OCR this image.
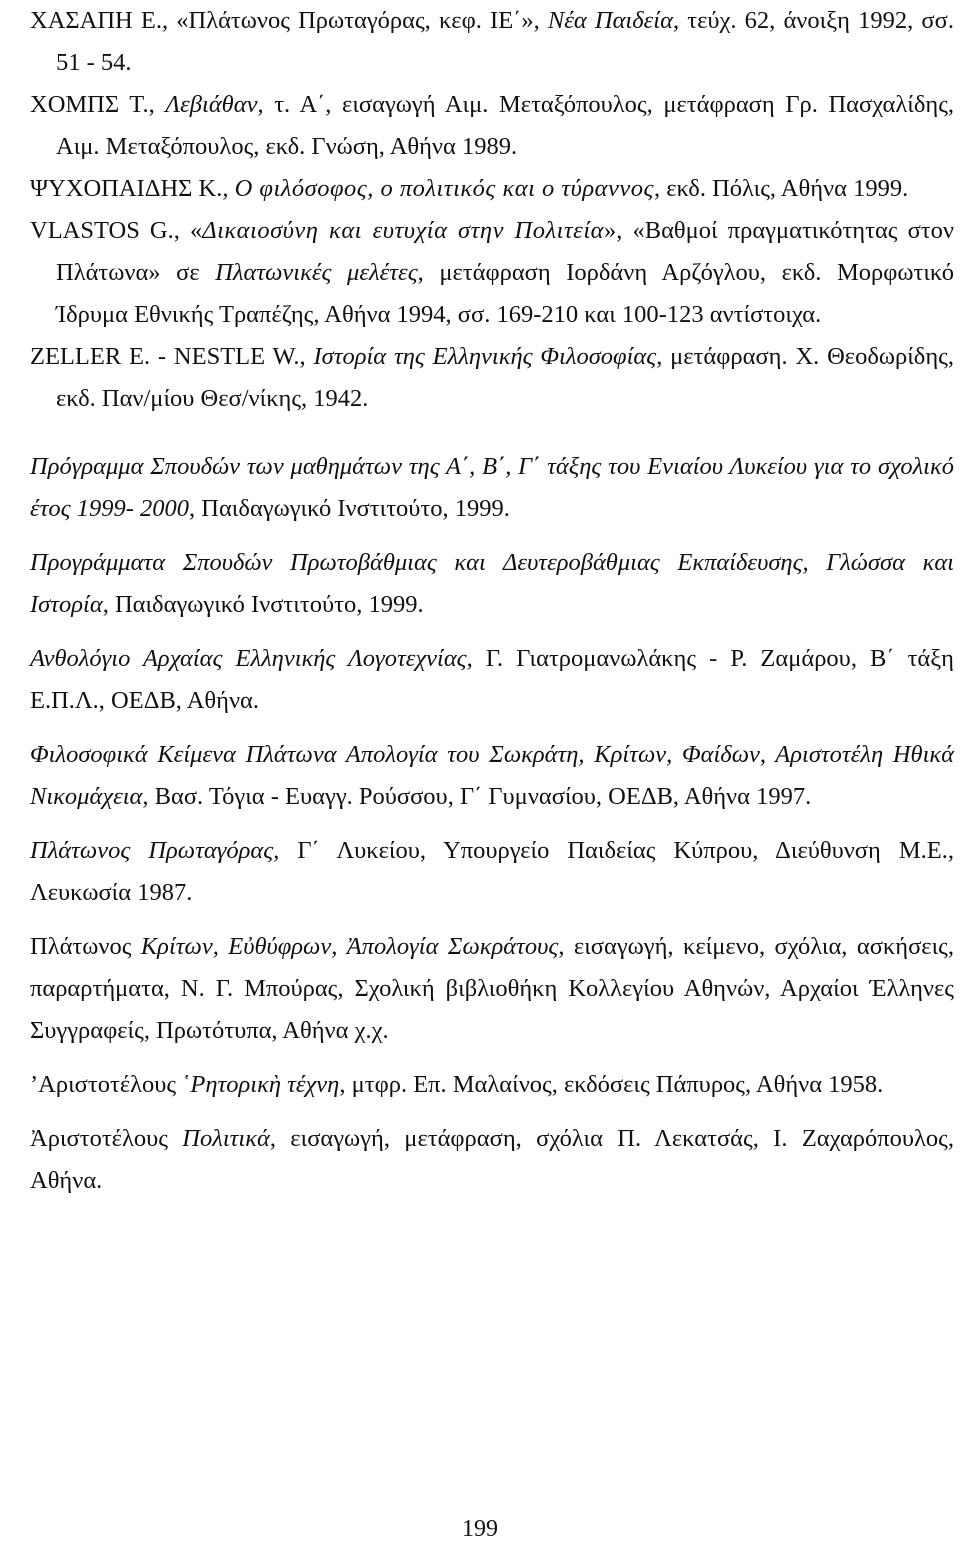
ΧΑΣΑΠΗ Ε., «Πλάτωνος Πρωταγόρας, κεφ. ΙΕ΄», Νέα Παιδεία, τεύχ. 62, άνοιξη 1992, σσ. 51 - 54.

ΧΟΜΠΣ Τ., Λεβιάθαν, τ. Α΄, εισαγωγή Αιμ. Μεταξόπουλος, μετάφραση Γρ. Πασχαλίδης, Αιμ. Μεταξόπουλος, εκδ. Γνώση, Αθήνα 1989.

ΨΥΧΟΠΑΙΔΗΣ Κ., Ο φιλόσοφος, ο πολιτικός και ο τύραννος, εκδ. Πόλις, Αθήνα 1999.

VLASTOS G., «Δικαιοσύνη και ευτυχία στην Πολιτεία», «Βαθμοί πραγματικότητας στον Πλάτωνα» σε Πλατωνικές μελέτες, μετάφραση Ιορδάνη Αρζόγλου, εκδ. Μορφωτικό Ίδρυμα Εθνικής Τραπέζης, Αθήνα 1994, σσ. 169-210 και 100-123 αντίστοιχα.

ZELLER E. - NESTLE W., Ιστορία της Ελληνικής Φιλοσοφίας, μετάφραση. Χ. Θεοδωρίδης, εκδ. Παν/μίου Θεσ/νίκης, 1942.

Πρόγραμμα Σπουδών των μαθημάτων της Α΄, Β΄, Γ΄ τάξης του Ενιαίου Λυκείου για το σχολικό έτος 1999- 2000, Παιδαγωγικό Ινστιτούτο, 1999.

Προγράμματα Σπουδών Πρωτοβάθμιας και Δευτεροβάθμιας Εκπαίδευσης, Γλώσσα και Ιστορία, Παιδαγωγικό Ινστιτούτο, 1999.

Ανθολόγιο Αρχαίας Ελληνικής Λογοτεχνίας, Γ. Γιατρομανωλάκης - Ρ. Ζαμάρου, Β΄ τάξη Ε.Π.Λ., ΟΕΔΒ, Αθήνα.

Φιλοσοφικά Κείμενα Πλάτωνα Απολογία του Σωκράτη, Κρίτων, Φαίδων, Αριστοτέλη Ηθικά Νικομάχεια, Βασ. Τόγια - Ευαγγ. Ρούσσου, Γ΄ Γυμνασίου, ΟΕΔΒ, Αθήνα 1997.

Πλάτωνος Πρωταγόρας, Γ΄ Λυκείου, Υπουργείο Παιδείας Κύπρου, Διεύθυνση Μ.Ε., Λευκωσία 1987.

Πλάτωνος Κρίτων, Εὐθύφρων, Ἀπολογία Σωκράτους, εισαγωγή, κείμενο, σχόλια, ασκήσεις, παραρτήματα, Ν. Γ. Μπούρας, Σχολική βιβλιοθήκη Κολλεγίου Αθηνών, Αρχαίοι Έλληνες Συγγραφείς, Πρωτότυπα, Αθήνα χ.χ.

’Αριστοτέλους ῾Ρητορικὴ τέχνη, μτφρ. Επ. Μαλαίνος, εκδόσεις Πάπυρος, Αθήνα 1958.

Ἀριστοτέλους Πολιτικά, εισαγωγή, μετάφραση, σχόλια Π. Λεκατσάς, Ι. Ζαχαρόπουλος, Αθήνα.

199
